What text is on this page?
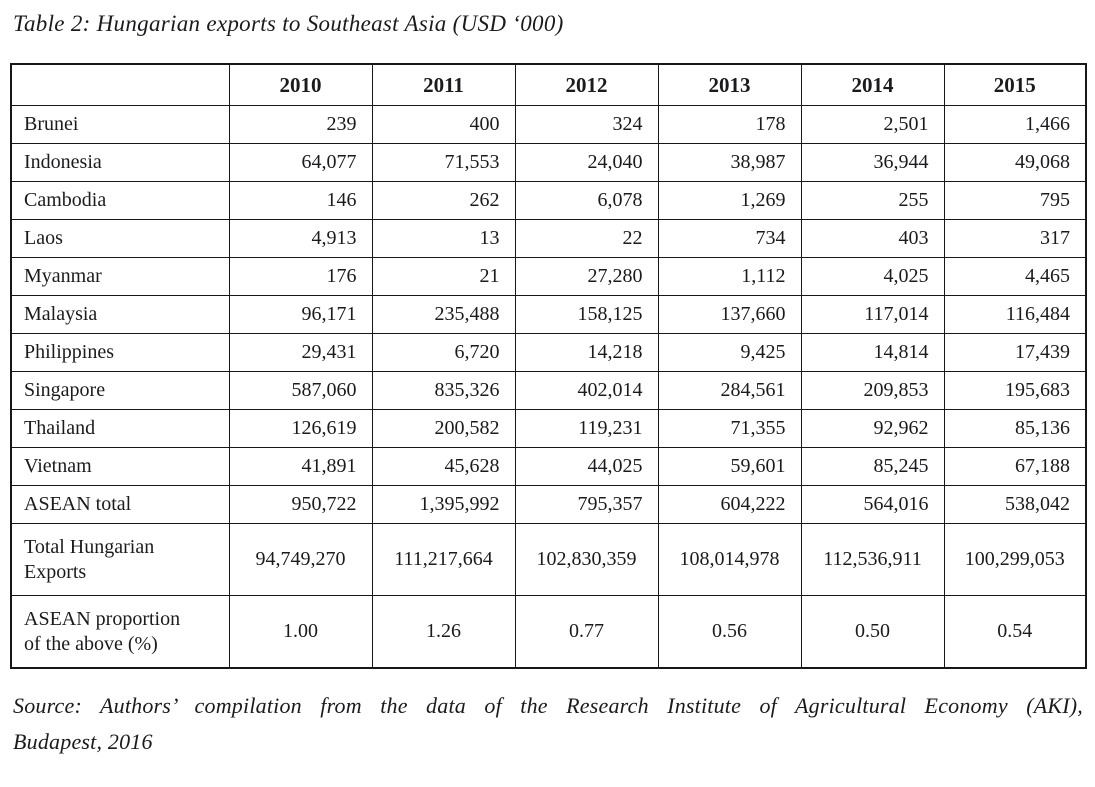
Table 2: Hungarian exports to Southeast Asia (USD ‘000)
	2010	2011	2012	2013	2014	2015
Brunei	239	400	324	178	2,501	1,466
Indonesia	64,077	71,553	24,040	38,987	36,944	49,068
Cambodia	146	262	6,078	1,269	255	795
Laos	4,913	13	22	734	403	317
Myanmar	176	21	27,280	1,112	4,025	4,465
Malaysia	96,171	235,488	158,125	137,660	117,014	116,484
Philippines	29,431	6,720	14,218	9,425	14,814	17,439
Singapore	587,060	835,326	402,014	284,561	209,853	195,683
Thailand	126,619	200,582	119,231	71,355	92,962	85,136
Vietnam	41,891	45,628	44,025	59,601	85,245	67,188
ASEAN total	950,722	1,395,992	795,357	604,222	564,016	538,042
Total Hungarian Exports	94,749,270	111,217,664	102,830,359	108,014,978	112,536,911	100,299,053
ASEAN proportion of the above (%)	1.00	1.26	0.77	0.56	0.50	0.54
Source: Authors’ compilation from the data of the Research Institute of Agricultural Economy (AKI),
Budapest, 2016
